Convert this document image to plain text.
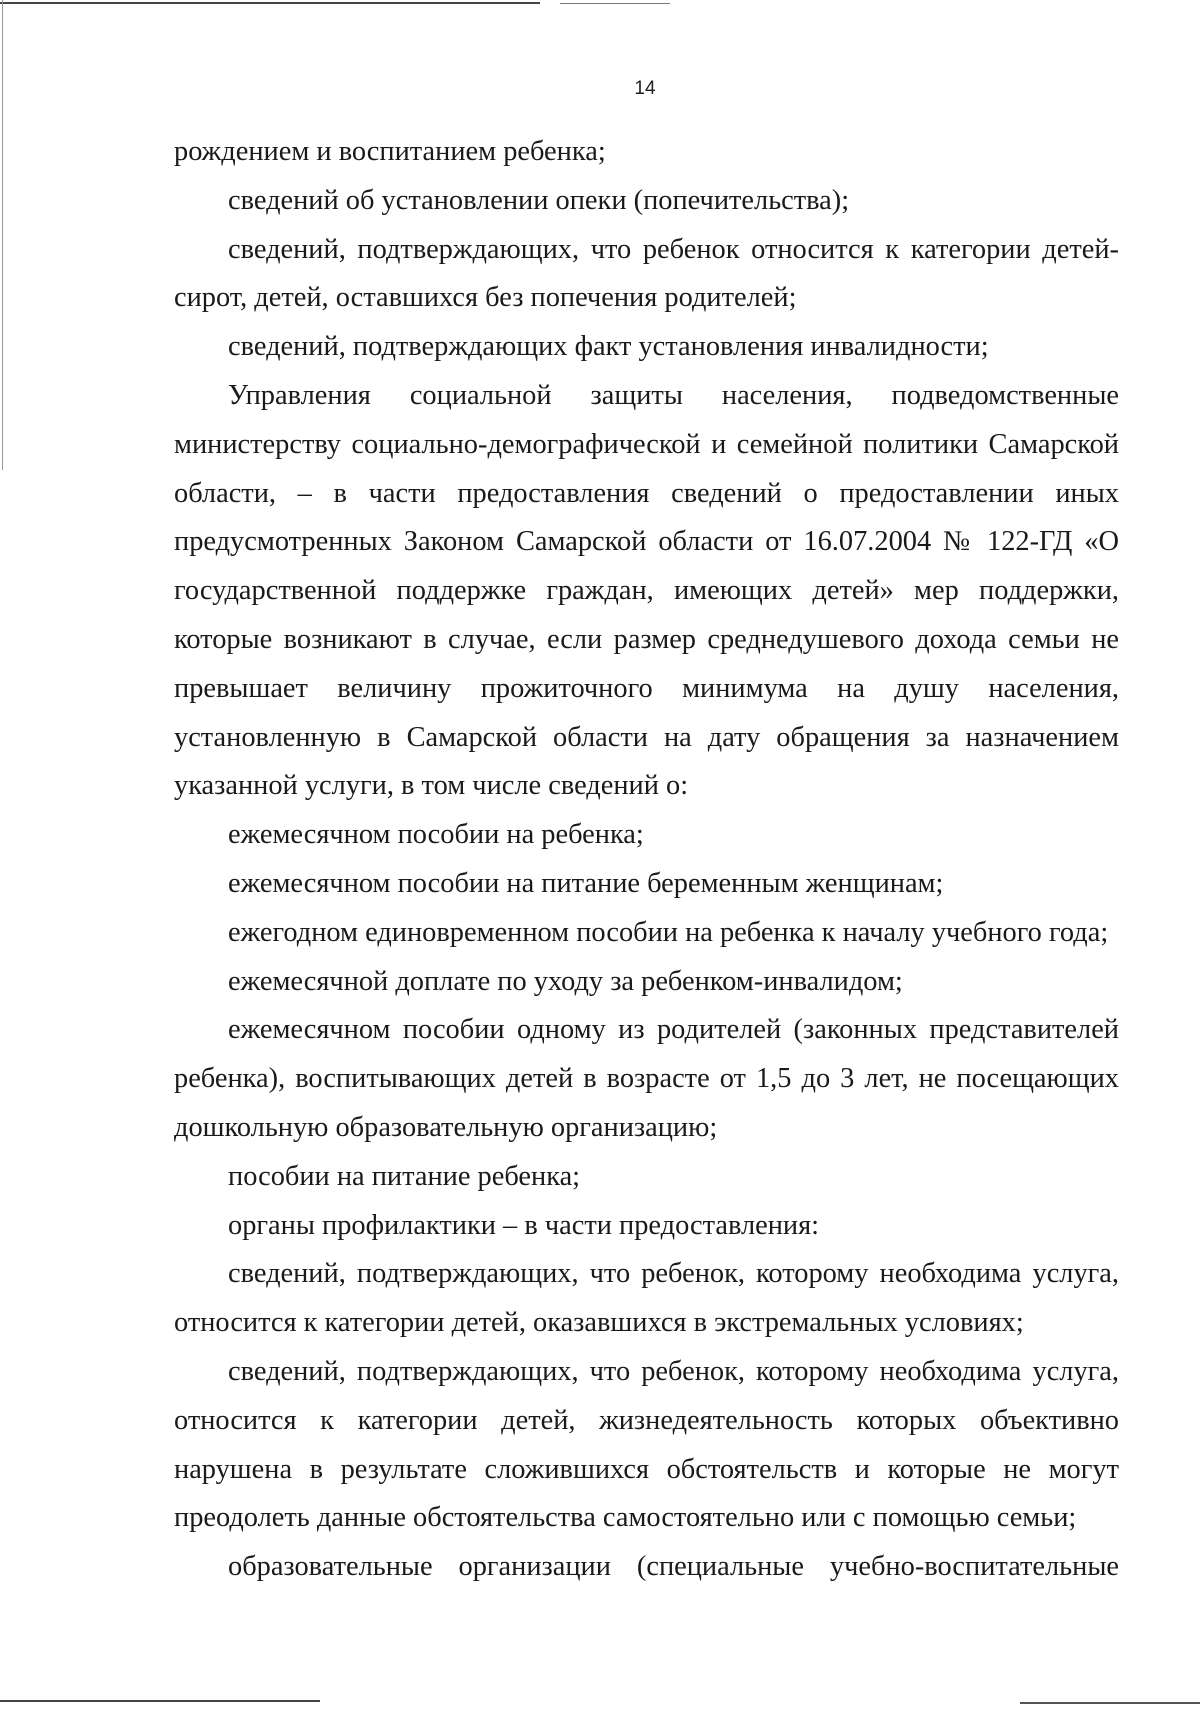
14

рождением и воспитанием ребенка;

сведений об установлении опеки (попечительства);

сведений, подтверждающих, что ребенок относится к категории детей-сирот, детей, оставшихся без попечения родителей;

сведений, подтверждающих факт установления инвалидности;

Управления социальной защиты населения, подведомственные министерству социально-демографической и семейной политики Самарской области, – в части предоставления сведений о предоставлении иных предусмотренных Законом Самарской области от 16.07.2004 № 122-ГД «О государственной поддержке граждан, имеющих детей» мер поддержки, которые возникают в случае, если размер среднедушевого дохода семьи не превышает величину прожиточного минимума на душу населения, установленную в Самарской области на дату обращения за назначением указанной услуги, в том числе сведений о:

ежемесячном пособии на ребенка;

ежемесячном пособии на питание беременным женщинам;

ежегодном единовременном пособии на ребенка к началу учебного года;

ежемесячной доплате по уходу за ребенком-инвалидом;

ежемесячном пособии одному из родителей (законных представителей ребенка), воспитывающих детей в возрасте от 1,5 до 3 лет, не посещающих дошкольную образовательную организацию;

пособии на питание ребенка;

органы профилактики – в части предоставления:

сведений, подтверждающих, что ребенок, которому необходима услуга, относится к категории детей, оказавшихся в экстремальных условиях;

сведений, подтверждающих, что ребенок, которому необходима услуга, относится к категории детей, жизнедеятельность которых объективно нарушена в результате сложившихся обстоятельств и которые не могут преодолеть данные обстоятельства самостоятельно или с помощью семьи;

образовательные организации (специальные учебно-воспитательные
